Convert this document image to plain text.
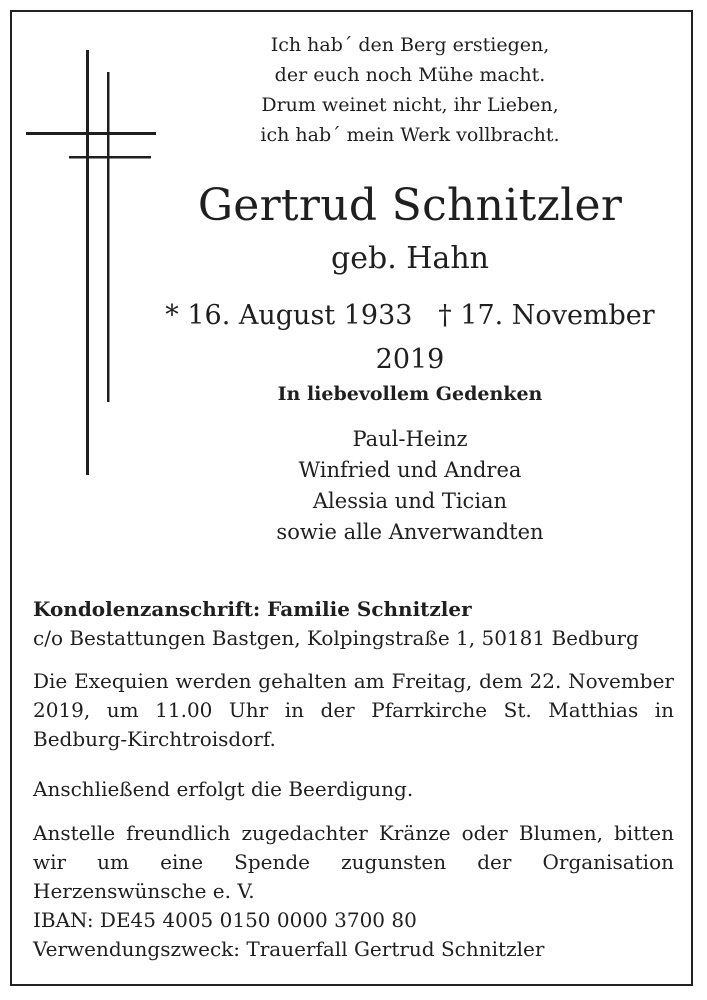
Ich hab´ den Berg erstiegen,
der euch noch Mühe macht.
Drum weinet nicht, ihr Lieben,
ich hab´ mein Werk vollbracht.
Gertrud Schnitzler
geb. Hahn
* 16. August 1933 † 17. November 2019
In liebevollem Gedenken
Paul-Heinz
Winfried und Andrea
Alessia und Tician
sowie alle Anverwandten
Kondolenzanschrift: Familie Schnitzler
c/o Bestattungen Bastgen, Kolpingstraße 1, 50181 Bedburg
Die Exequien werden gehalten am Freitag, dem 22. November 2019, um 11.00 Uhr in der Pfarrkirche St. Matthias in Bedburg-Kirchtroisdorf.
Anschließend erfolgt die Beerdigung.
Anstelle freundlich zugedachter Kränze oder Blumen, bitten wir um eine Spende zugunsten der Organisation Herzenswünsche e. V.
IBAN: DE45 4005 0150 0000 3700 80
Verwendungszweck: Trauerfall Gertrud Schnitzler
